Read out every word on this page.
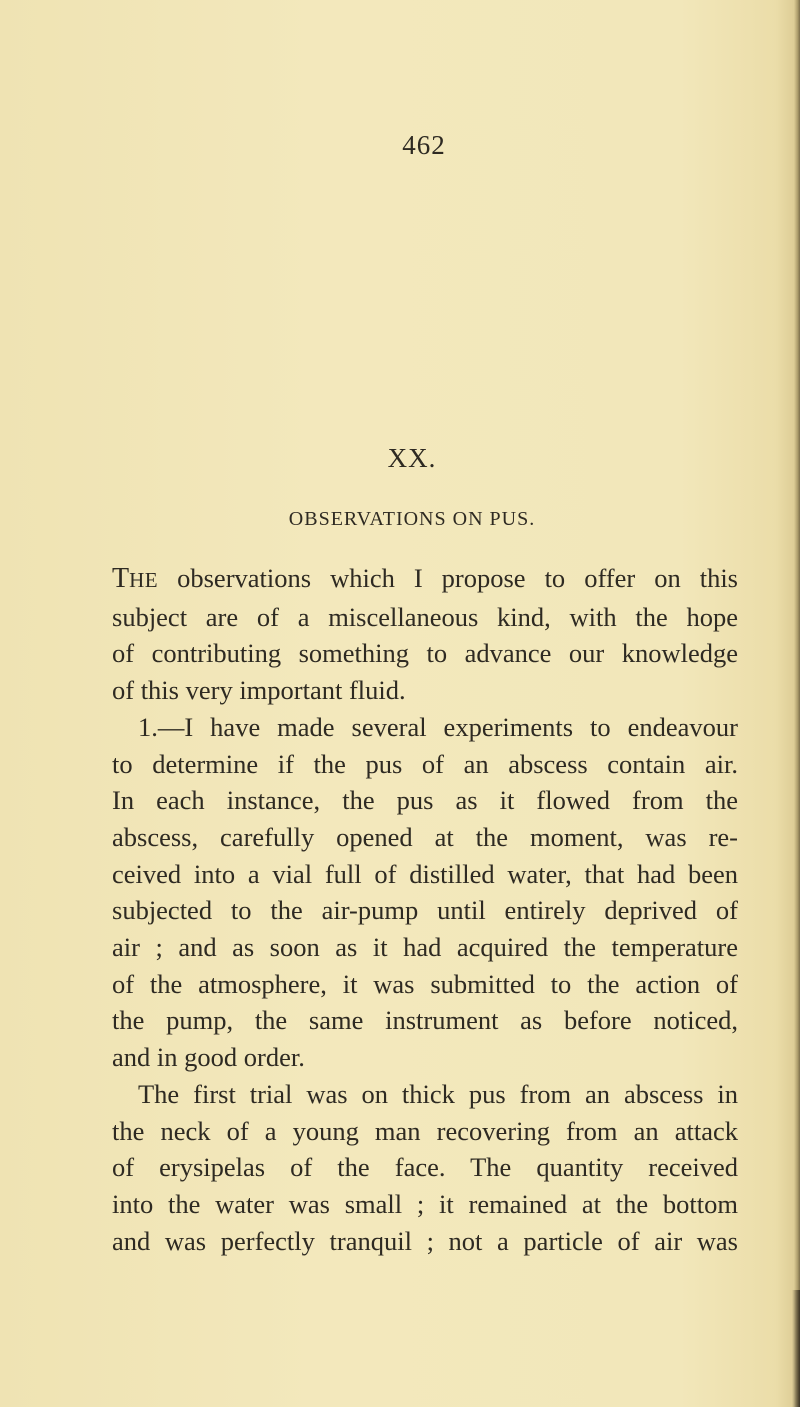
462
XX.
OBSERVATIONS ON PUS.

THE observations which I propose to offer on this
subject are of a miscellaneous kind, with the hope
of contributing something to advance our knowledge
of this very important fluid.

1.—I have made several experiments to endeavour
to determine if the pus of an abscess contain air.
In each instance, the pus as it flowed from the
abscess, carefully opened at the moment, was re-
ceived into a vial full of distilled water, that had been
subjected to the air-pump until entirely deprived of
air ; and as soon as it had acquired the temperature
of the atmosphere, it was submitted to the action of
the pump, the same instrument as before noticed,
and in good order.

The first trial was on thick pus from an abscess in
the neck of a young man recovering from an attack
of erysipelas of the face. The quantity received
into the water was small ; it remained at the bottom
and was perfectly tranquil ; not a particle of air was
